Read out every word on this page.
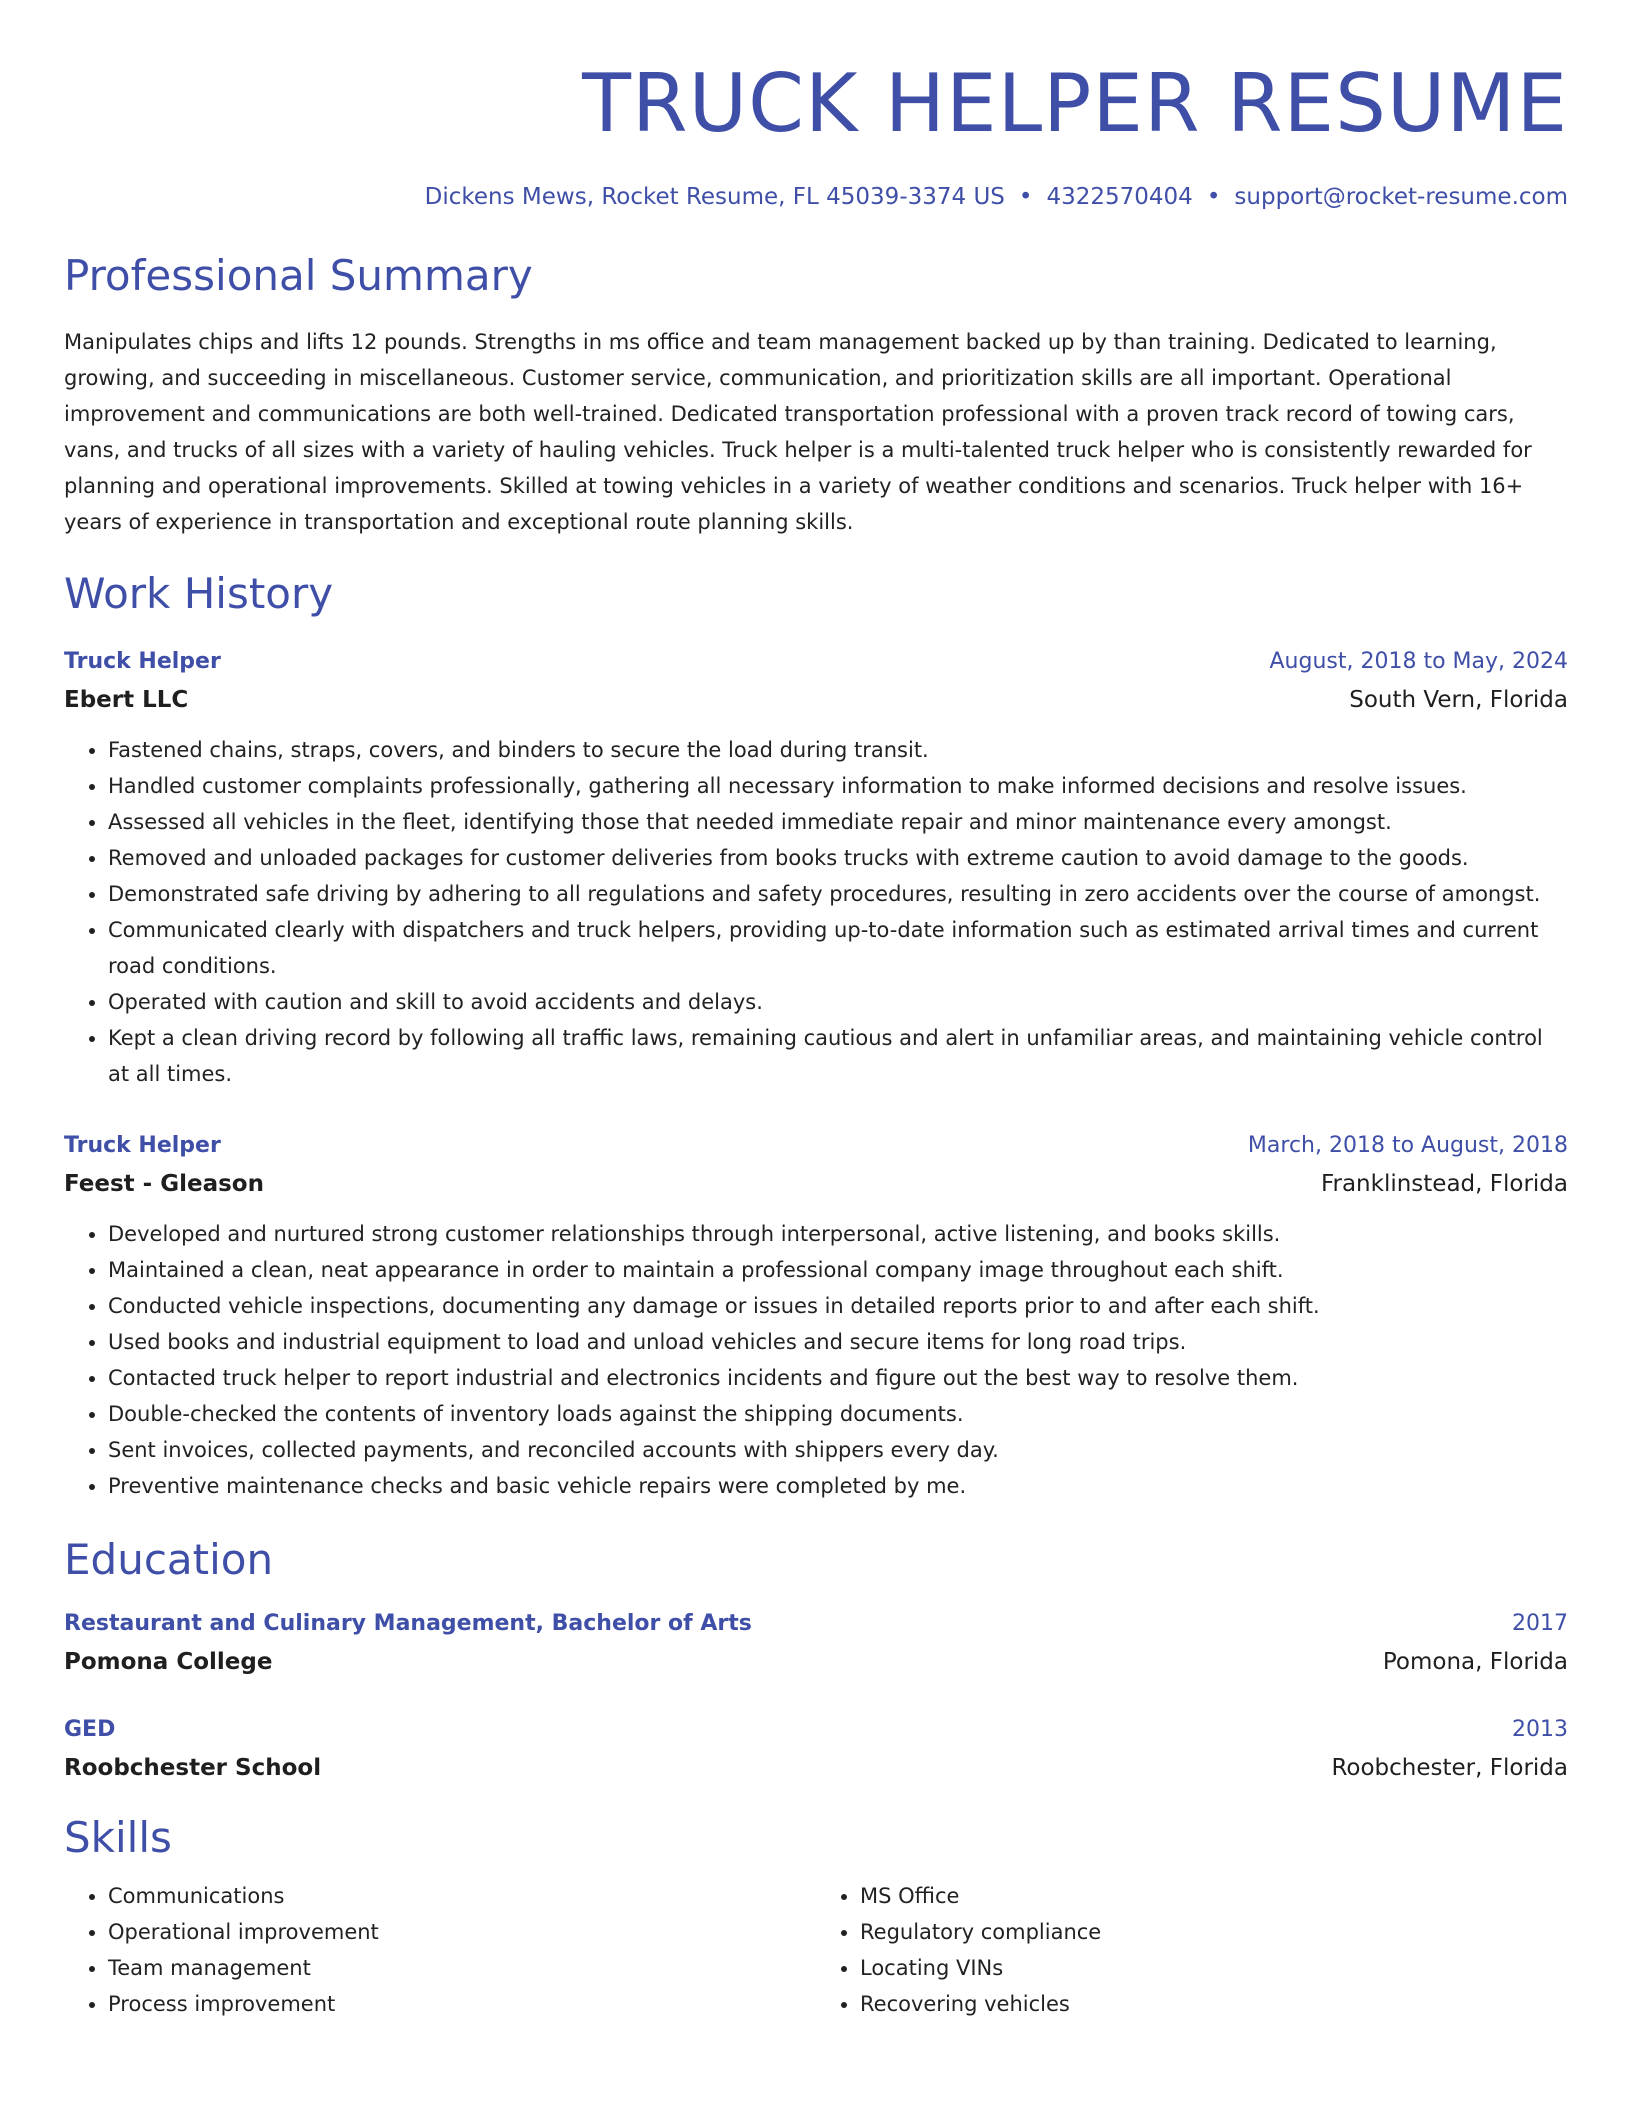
TRUCK HELPER RESUME
Dickens Mews, Rocket Resume, FL 45039-3374 US • 4322570404 • support@rocket-resume.com
Professional Summary
Manipulates chips and lifts 12 pounds. Strengths in ms office and team management backed up by than training. Dedicated to learning, growing, and succeeding in miscellaneous. Customer service, communication, and prioritization skills are all important. Operational improvement and communications are both well-trained. Dedicated transportation professional with a proven track record of towing cars, vans, and trucks of all sizes with a variety of hauling vehicles. Truck helper is a multi-talented truck helper who is consistently rewarded for planning and operational improvements. Skilled at towing vehicles in a variety of weather conditions and scenarios. Truck helper with 16+ years of experience in transportation and exceptional route planning skills.
Work History
Truck Helper	August, 2018 to May, 2024
Ebert LLC	South Vern, Florida
• Fastened chains, straps, covers, and binders to secure the load during transit.
• Handled customer complaints professionally, gathering all necessary information to make informed decisions and resolve issues.
• Assessed all vehicles in the fleet, identifying those that needed immediate repair and minor maintenance every amongst.
• Removed and unloaded packages for customer deliveries from books trucks with extreme caution to avoid damage to the goods.
• Demonstrated safe driving by adhering to all regulations and safety procedures, resulting in zero accidents over the course of amongst.
• Communicated clearly with dispatchers and truck helpers, providing up-to-date information such as estimated arrival times and current road conditions.
• Operated with caution and skill to avoid accidents and delays.
• Kept a clean driving record by following all traffic laws, remaining cautious and alert in unfamiliar areas, and maintaining vehicle control at all times.
Truck Helper	March, 2018 to August, 2018
Feest - Gleason	Franklinstead, Florida
• Developed and nurtured strong customer relationships through interpersonal, active listening, and books skills.
• Maintained a clean, neat appearance in order to maintain a professional company image throughout each shift.
• Conducted vehicle inspections, documenting any damage or issues in detailed reports prior to and after each shift.
• Used books and industrial equipment to load and unload vehicles and secure items for long road trips.
• Contacted truck helper to report industrial and electronics incidents and figure out the best way to resolve them.
• Double-checked the contents of inventory loads against the shipping documents.
• Sent invoices, collected payments, and reconciled accounts with shippers every day.
• Preventive maintenance checks and basic vehicle repairs were completed by me.
Education
Restaurant and Culinary Management, Bachelor of Arts	2017
Pomona College	Pomona, Florida
GED	2013
Roobchester School	Roobchester, Florida
Skills
• Communications
• Operational improvement
• Team management
• Process improvement
• MS Office
• Regulatory compliance
• Locating VINs
• Recovering vehicles
